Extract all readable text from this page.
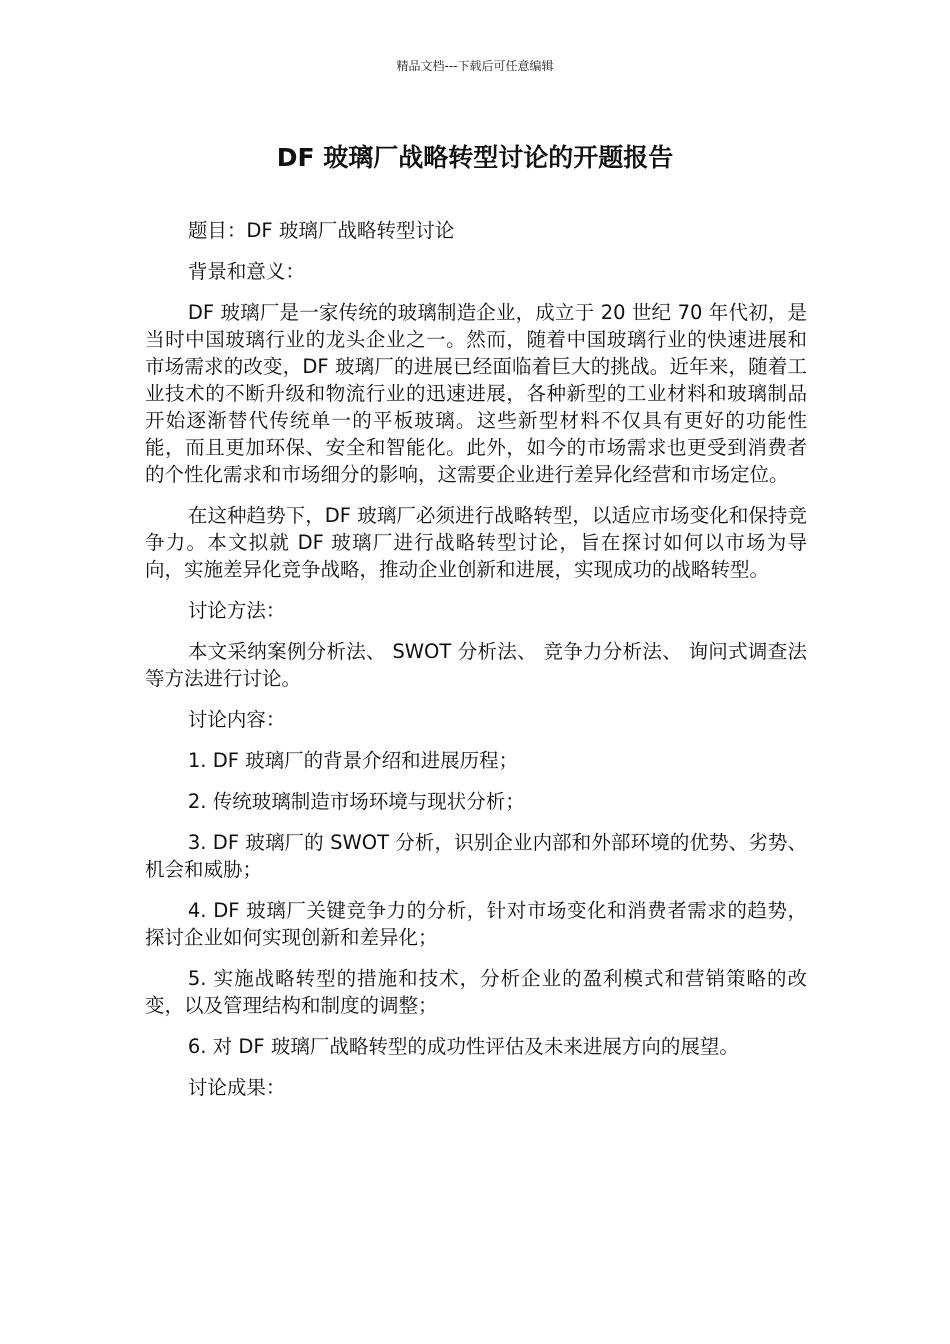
精品文档---下载后可任意编辑
DF 玻璃厂战略转型讨论的开题报告

题目：DF 玻璃厂战略转型讨论

背景和意义：

DF 玻璃厂是一家传统的玻璃制造企业，成立于 20 世纪 70 年代初，是当时中国玻璃行业的龙头企业之一。然而，随着中国玻璃行业的快速进展和市场需求的改变，DF 玻璃厂的进展已经面临着巨大的挑战。近年来，随着工业技术的不断升级和物流行业的迅速进展，各种新型的工业材料和玻璃制品开始逐渐替代传统单一的平板玻璃。这些新型材料不仅具有更好的功能性能，而且更加环保、安全和智能化。此外，如今的市场需求也更受到消费者的个性化需求和市场细分的影响，这需要企业进行差异化经营和市场定位。

在这种趋势下，DF 玻璃厂必须进行战略转型，以适应市场变化和保持竞争力。本文拟就 DF 玻璃厂进行战略转型讨论，旨在探讨如何以市场为导向，实施差异化竞争战略，推动企业创新和进展，实现成功的战略转型。

讨论方法：

本文采纳案例分析法、 SWOT 分析法、 竞争力分析法、 询问式调查法等方法进行讨论。

讨论内容：

1. DF 玻璃厂的背景介绍和进展历程；

2. 传统玻璃制造市场环境与现状分析；

3. DF 玻璃厂的 SWOT 分析，识别企业内部和外部环境的优势、劣势、机会和威胁；

4. DF 玻璃厂关键竞争力的分析，针对市场变化和消费者需求的趋势，探讨企业如何实现创新和差异化；

5. 实施战略转型的措施和技术，分析企业的盈利模式和营销策略的改变，以及管理结构和制度的调整；

6. 对 DF 玻璃厂战略转型的成功性评估及未来进展方向的展望。

讨论成果：
